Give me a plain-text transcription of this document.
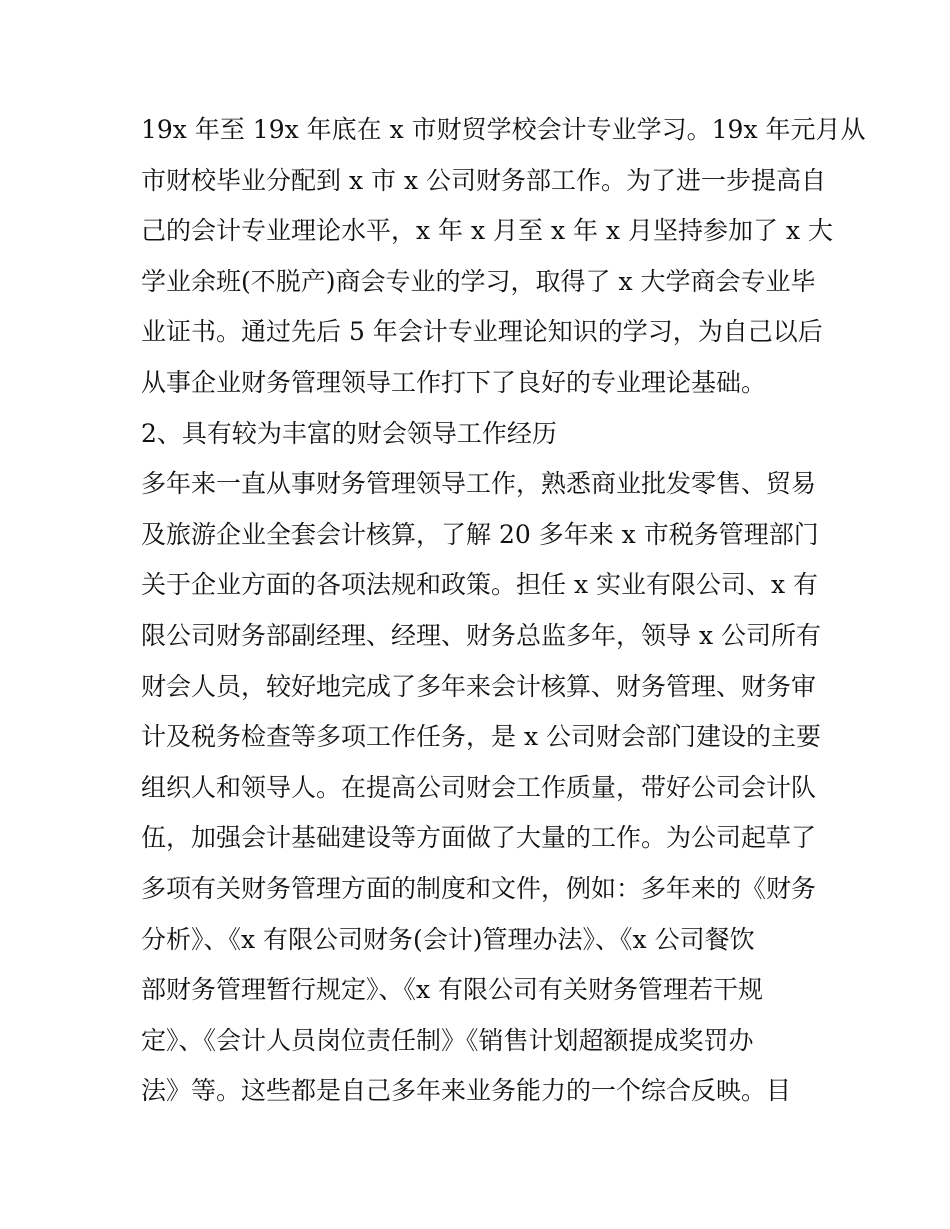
19x 年至 19x 年底在 x 市财贸学校会计专业学习。19x 年元月从
市财校毕业分配到 x 市 x 公司财务部工作。为了进一步提高自
己的会计专业理论水平，x 年 x 月至 x 年 x 月坚持参加了 x 大
学业余班(不脱产)商会专业的学习，取得了 x 大学商会专业毕
业证书。通过先后 5 年会计专业理论知识的学习，为自己以后
从事企业财务管理领导工作打下了良好的专业理论基础。
2、具有较为丰富的财会领导工作经历
多年来一直从事财务管理领导工作，熟悉商业批发零售、贸易
及旅游企业全套会计核算，了解 20 多年来 x 市税务管理部门
关于企业方面的各项法规和政策。担任 x 实业有限公司、x 有
限公司财务部副经理、经理、财务总监多年，领导 x 公司所有
财会人员，较好地完成了多年来会计核算、财务管理、财务审
计及税务检查等多项工作任务，是 x 公司财会部门建设的主要
组织人和领导人。在提高公司财会工作质量，带好公司会计队
伍，加强会计基础建设等方面做了大量的工作。为公司起草了
多项有关财务管理方面的制度和文件，例如：多年来的《财务
分析》、《x 有限公司财务(会计)管理办法》、《x 公司餐饮
部财务管理暂行规定》、《x 有限公司有关财务管理若干规
定》、《会计人员岗位责任制》《销售计划超额提成奖罚办
法》等。这些都是自己多年来业务能力的一个综合反映。目
